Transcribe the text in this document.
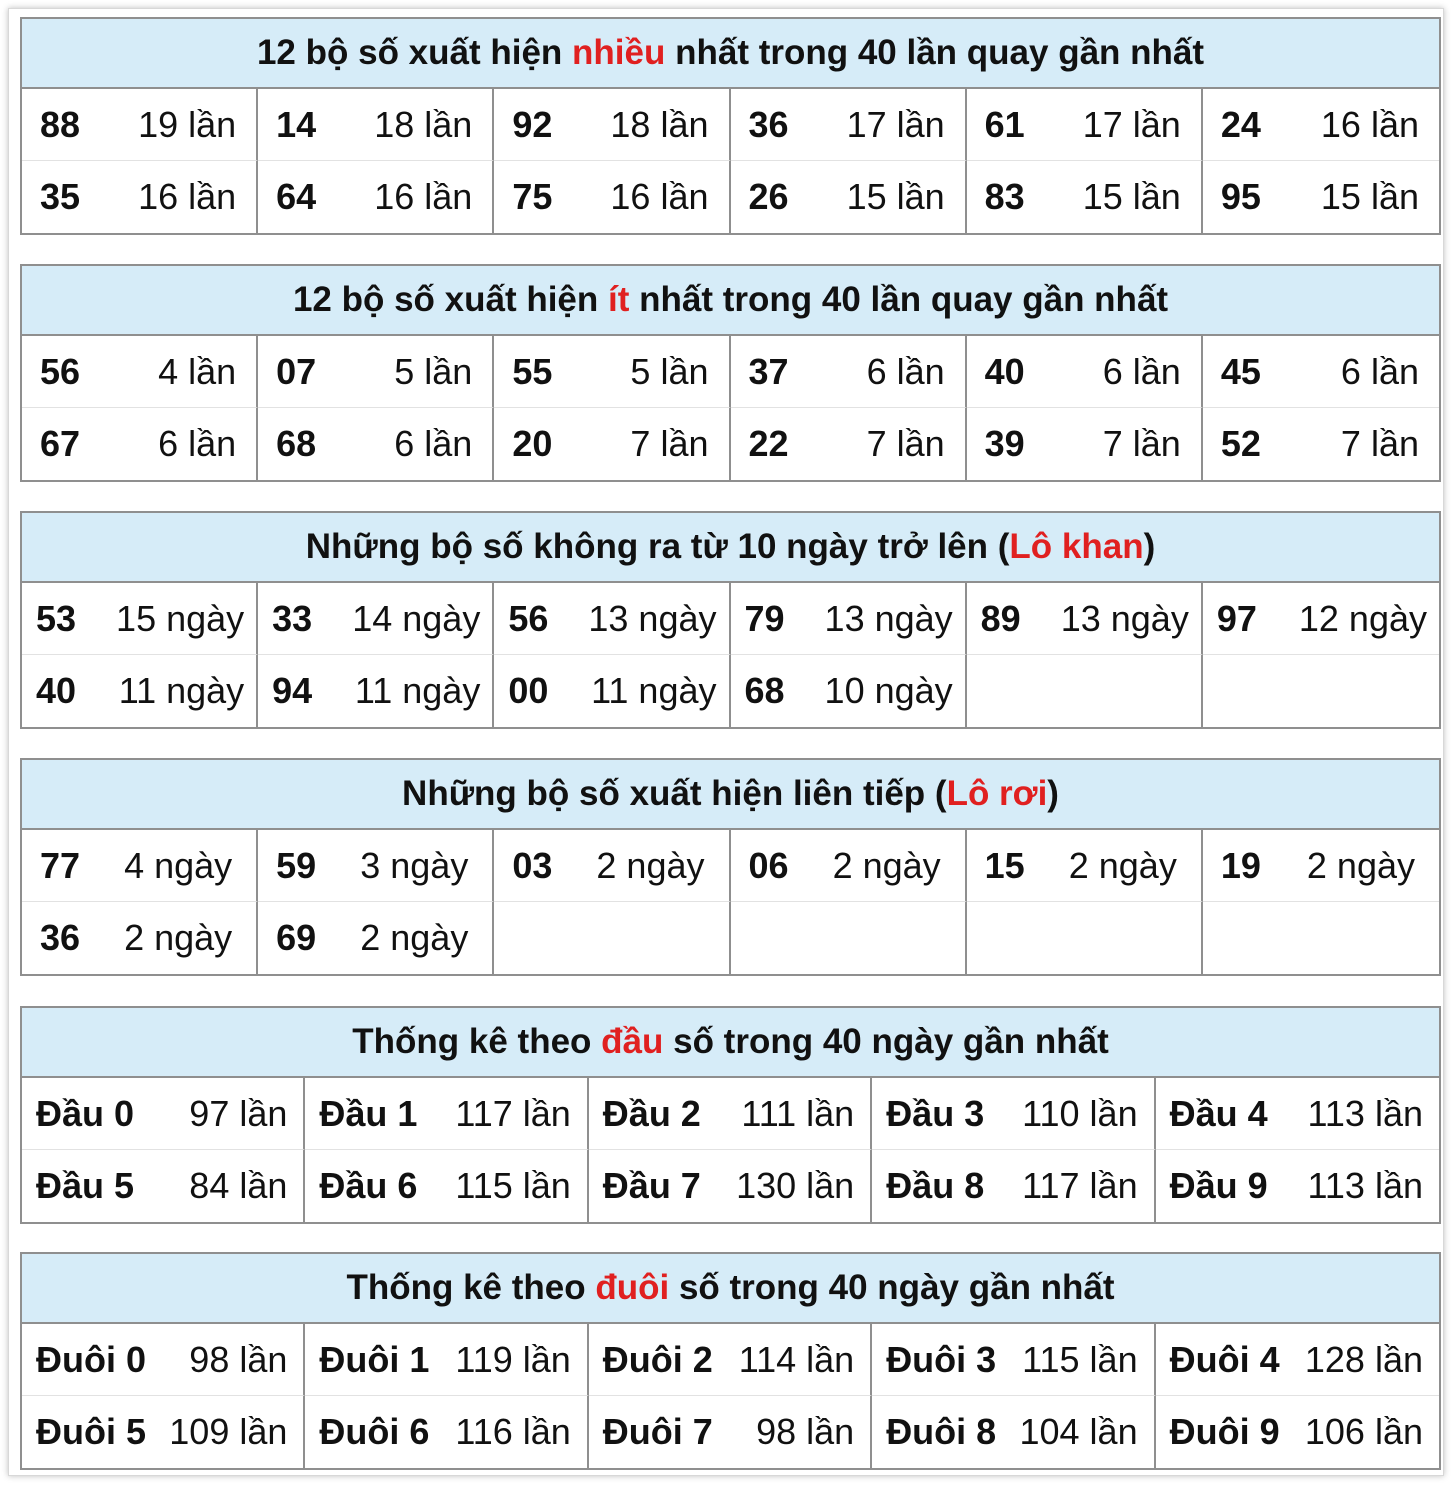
12 bộ số xuất hiện nhiều nhất trong 40 lần quay gần nhất
88 19 lần 14 18 lần 92 18 lần 36 17 lần 61 17 lần 24 16 lần
35 16 lần 64 16 lần 75 16 lần 26 15 lần 83 15 lần 95 15 lần
12 bộ số xuất hiện ít nhất trong 40 lần quay gần nhất
56 4 lần 07 5 lần 55 5 lần 37 6 lần 40 6 lần 45 6 lần
67 6 lần 68 6 lần 20 7 lần 22 7 lần 39 7 lần 52 7 lần
Những bộ số không ra từ 10 ngày trở lên ( Lô khan )
53 15 ngày 33 14 ngày 56 13 ngày 79 13 ngày 89 13 ngày 97 12 ngày
40 11 ngày 94 11 ngày 00 11 ngày 68 10 ngày
Những bộ số xuất hiện liên tiếp ( Lô rơi )
77 4 ngày 59 3 ngày 03 2 ngày 06 2 ngày 15 2 ngày 19 2 ngày
36 2 ngày 69 2 ngày
Thống kê theo đầu số trong 40 ngày gần nhất
Đầu 0 97 lần Đầu 1 117 lần Đầu 2 111 lần Đầu 3 110 lần Đầu 4 113 lần
Đầu 5 84 lần Đầu 6 115 lần Đầu 7 130 lần Đầu 8 117 lần Đầu 9 113 lần
Thống kê theo đuôi số trong 40 ngày gần nhất
Đuôi 0 98 lần Đuôi 1 119 lần Đuôi 2 114 lần Đuôi 3 115 lần Đuôi 4 128 lần
Đuôi 5 109 lần Đuôi 6 116 lần Đuôi 7 98 lần Đuôi 8 104 lần Đuôi 9 106 lần
